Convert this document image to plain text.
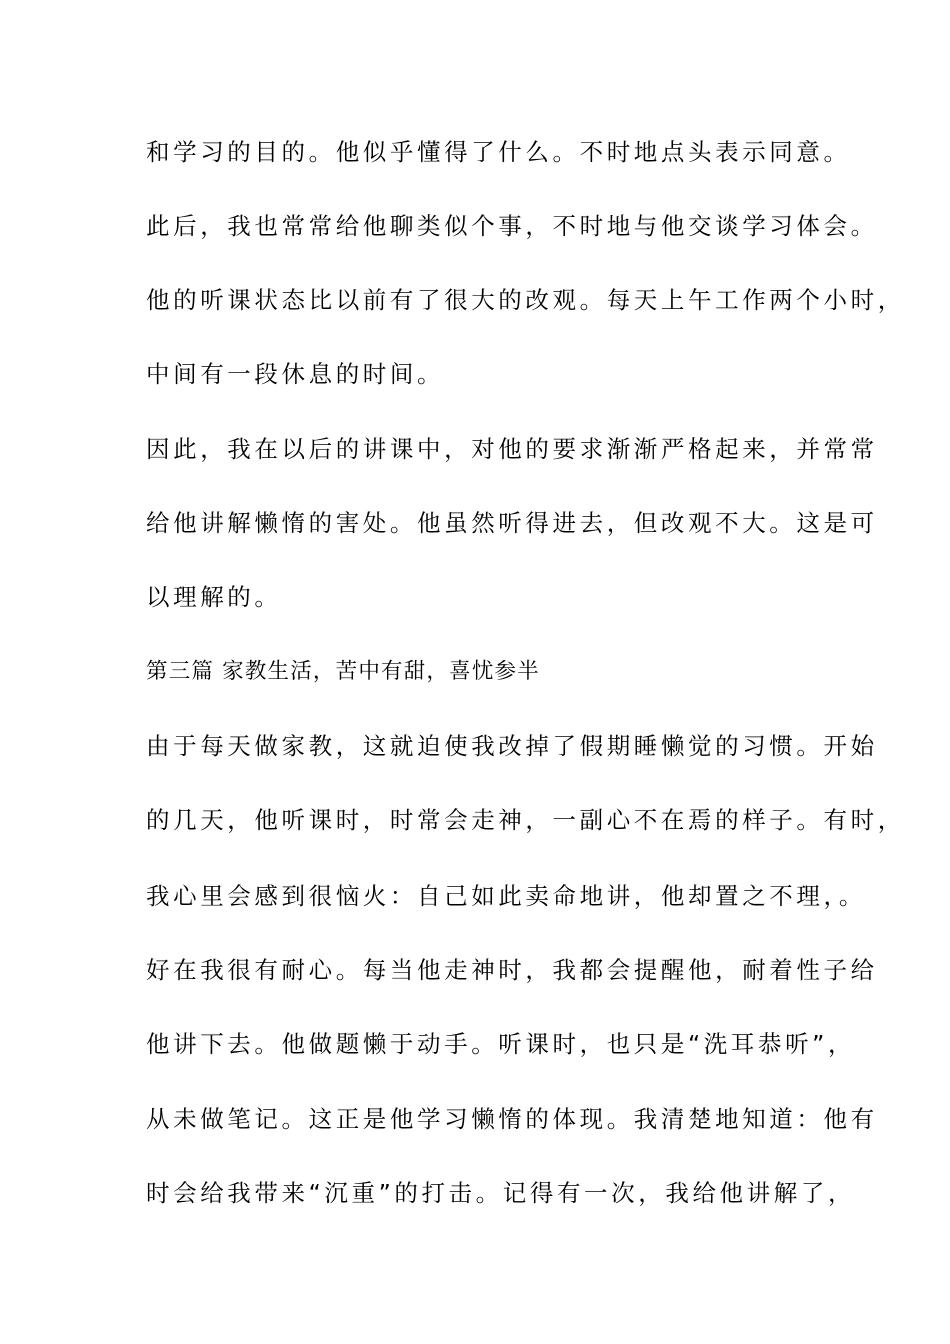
和学习的目的。他似乎懂得了什么。不时地点头表示同意。
此后，我也常常给他聊类似个事，不时地与他交谈学习体会。
他的听课状态比以前有了很大的改观。每天上午工作两个小时，
中间有一段休息的时间。
因此，我在以后的讲课中，对他的要求渐渐严格起来，并常常
给他讲解懒惰的害处。他虽然听得进去，但改观不大。这是可
以理解的。
第三篇 家教生活，苦中有甜，喜忧参半
由于每天做家教，这就迫使我改掉了假期睡懒觉的习惯。开始
的几天，他听课时，时常会走神，一副心不在焉的样子。有时，
我心里会感到很恼火：自己如此卖命地讲，他却置之不理，。
好在我很有耐心。每当他走神时，我都会提醒他，耐着性子给
他讲下去。他做题懒于动手。听课时，也只是“洗耳恭听”，
从未做笔记。这正是他学习懒惰的体现。我清楚地知道：他有
时会给我带来“沉重”的打击。记得有一次，我给他讲解了，
